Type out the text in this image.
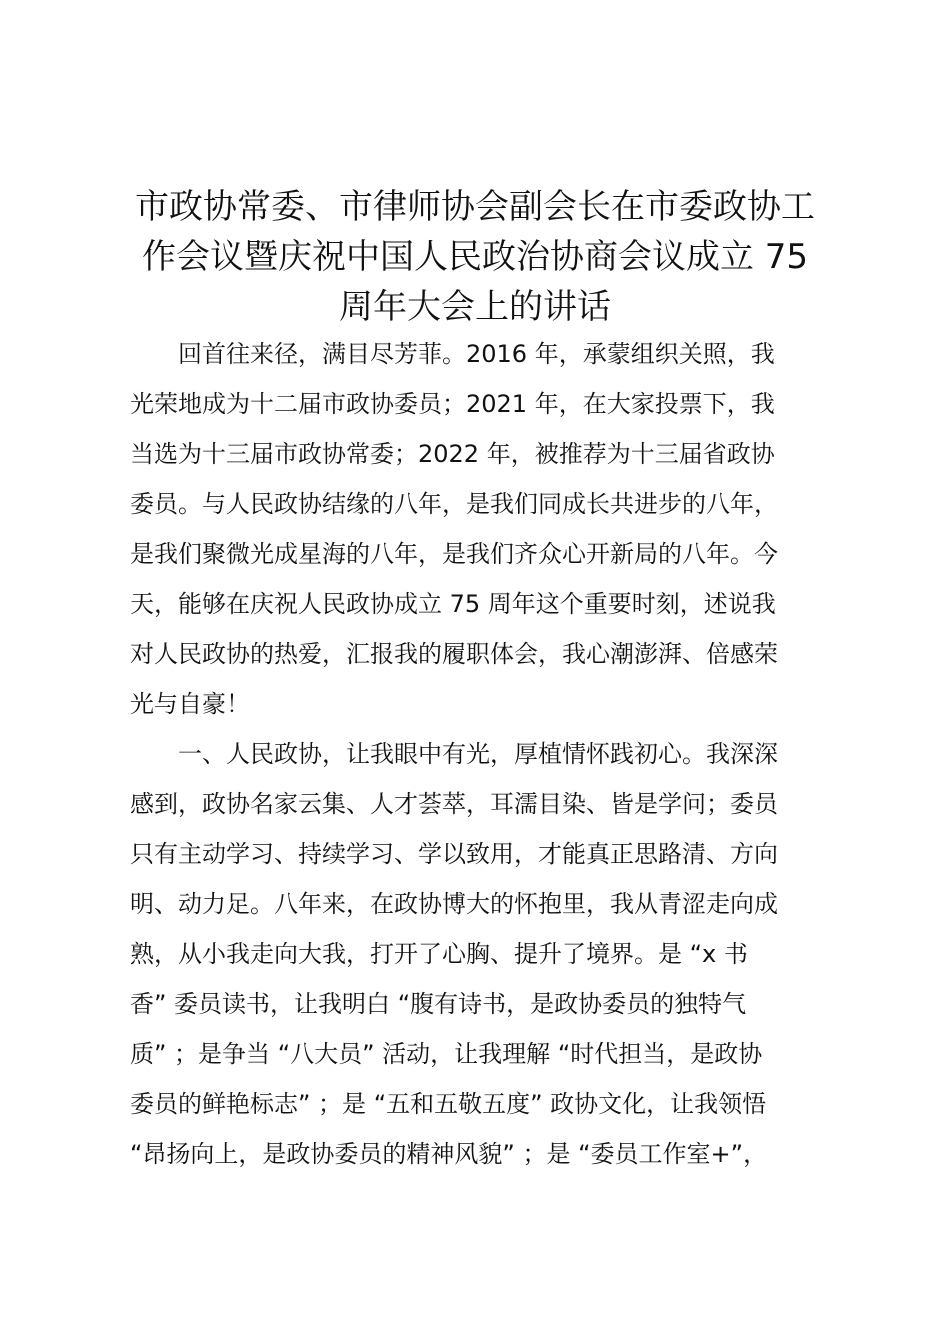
市政协常委、市律师协会副会长在市委政协工
作会议暨庆祝中国人民政治协商会议成立 75
周年大会上的讲话
回首往来径，满目尽芳菲。2016 年，承蒙组织关照，我
光荣地成为十二届市政协委员；2021 年，在大家投票下，我
当选为十三届市政协常委；2022 年，被推荐为十三届省政协
委员。与人民政协结缘的八年，是我们同成长共进步的八年，
是我们聚微光成星海的八年，是我们齐众心开新局的八年。今
天，能够在庆祝人民政协成立 75 周年这个重要时刻，述说我
对人民政协的热爱，汇报我的履职体会，我心潮澎湃、倍感荣
光与自豪！
一、人民政协，让我眼中有光，厚植情怀践初心。我深深
感到，政协名家云集、人才荟萃，耳濡目染、皆是学问；委员
只有主动学习、持续学习、学以致用，才能真正思路清、方向
明、动力足。八年来，在政协博大的怀抱里，我从青涩走向成
熟，从小我走向大我，打开了心胸、提升了境界。是 “x 书
香” 委员读书，让我明白 “腹有诗书，是政协委员的独特气
质” ；是争当 “八大员” 活动，让我理解 “时代担当，是政协
委员的鲜艳标志” ；是 “五和五敬五度” 政协文化，让我领悟
“昂扬向上，是政协委员的精神风貌” ；是 “委员工作室+”，
